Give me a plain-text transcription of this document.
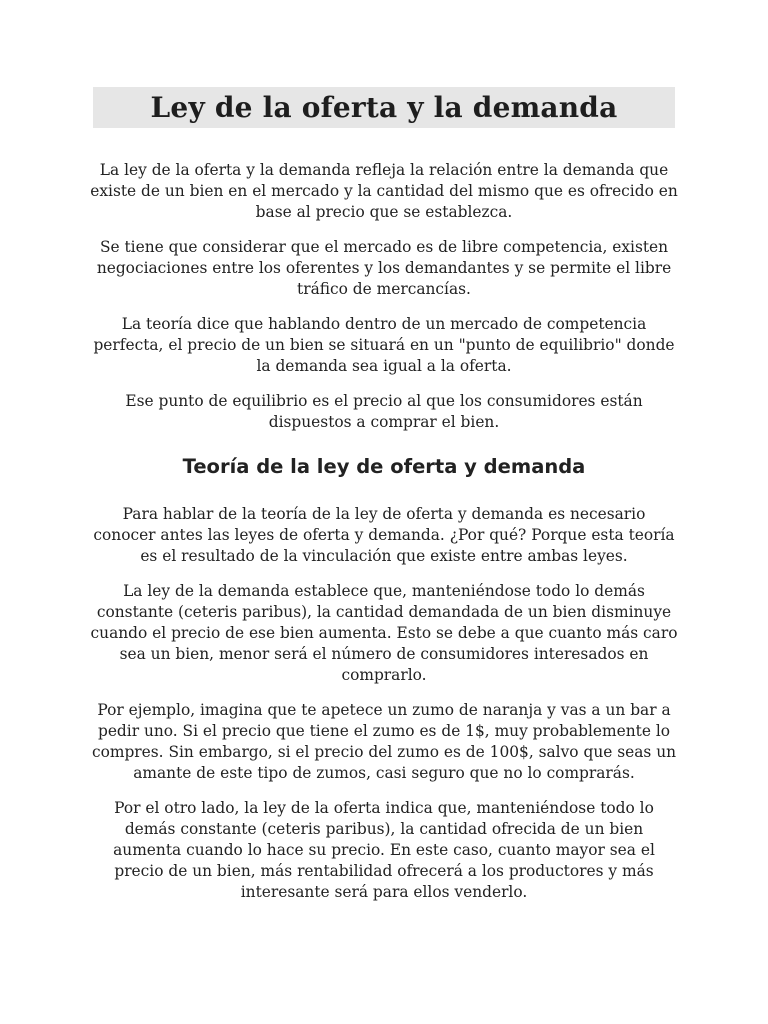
Ley de la oferta y la demanda

La ley de la oferta y la demanda refleja la relación entre la demanda que existe de un bien en el mercado y la cantidad del mismo que es ofrecido en base al precio que se establezca.

Se tiene que considerar que el mercado es de libre competencia, existen negociaciones entre los oferentes y los demandantes y se permite el libre tráfico de mercancías.

La teoría dice que hablando dentro de un mercado de competencia perfecta, el precio de un bien se situará en un "punto de equilibrio" donde la demanda sea igual a la oferta.

Ese punto de equilibrio es el precio al que los consumidores están dispuestos a comprar el bien.

Teoría de la ley de oferta y demanda

Para hablar de la teoría de la ley de oferta y demanda es necesario conocer antes las leyes de oferta y demanda. ¿Por qué? Porque esta teoría es el resultado de la vinculación que existe entre ambas leyes.

La ley de la demanda establece que, manteniéndose todo lo demás constante (ceteris paribus), la cantidad demandada de un bien disminuye cuando el precio de ese bien aumenta. Esto se debe a que cuanto más caro sea un bien, menor será el número de consumidores interesados en comprarlo.

Por ejemplo, imagina que te apetece un zumo de naranja y vas a un bar a pedir uno. Si el precio que tiene el zumo es de 1$, muy probablemente lo compres. Sin embargo, si el precio del zumo es de 100$, salvo que seas un amante de este tipo de zumos, casi seguro que no lo comprarás.

Por el otro lado, la ley de la oferta indica que, manteniéndose todo lo demás constante (ceteris paribus), la cantidad ofrecida de un bien aumenta cuando lo hace su precio. En este caso, cuanto mayor sea el precio de un bien, más rentabilidad ofrecerá a los productores y más interesante será para ellos venderlo.
